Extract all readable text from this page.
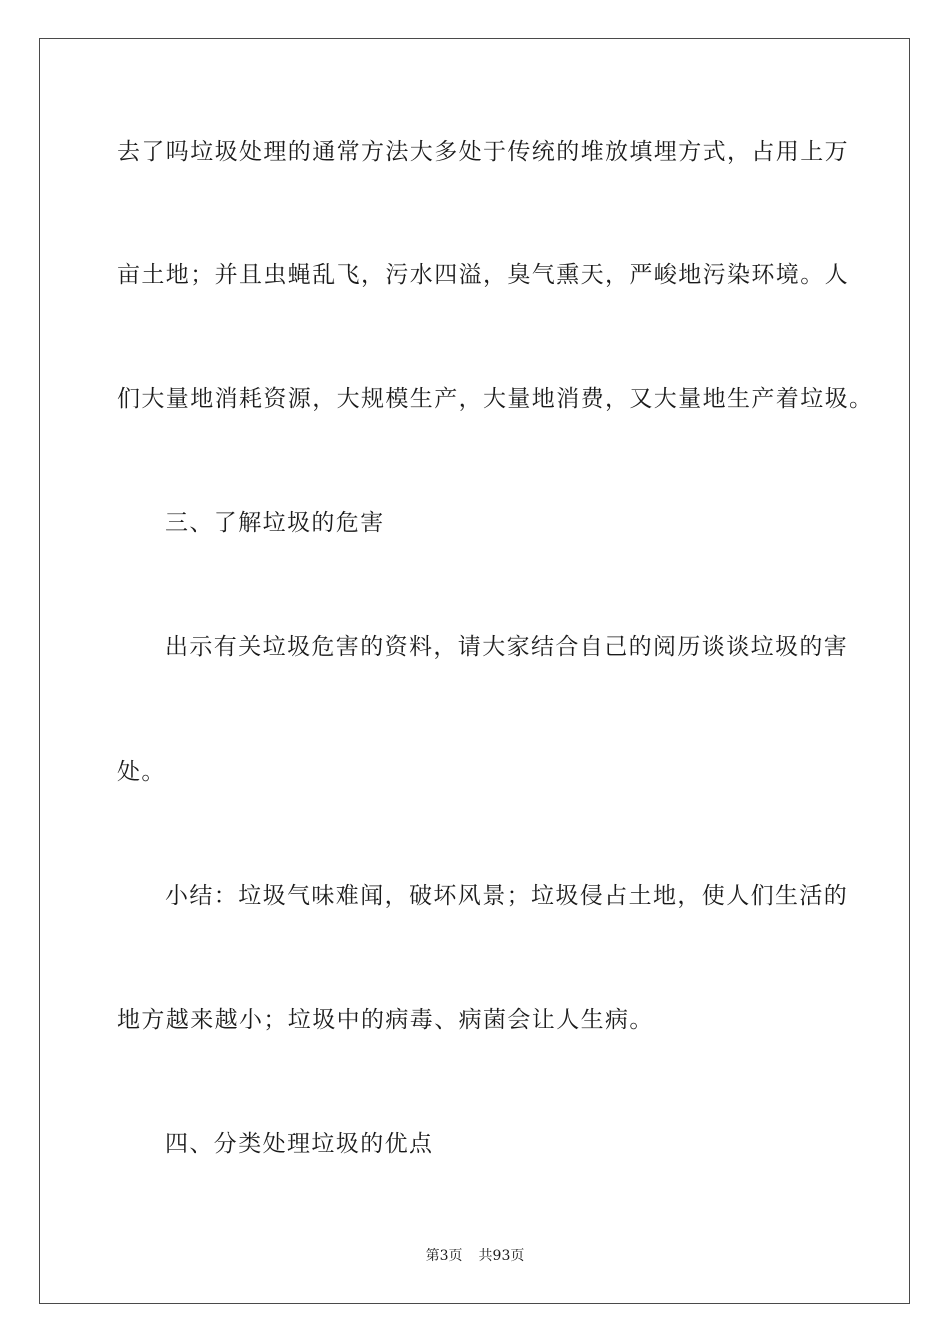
去了吗垃圾处理的通常方法大多处于传统的堆放填埋方式，占用上万
亩土地；并且虫蝇乱飞，污水四溢，臭气熏天，严峻地污染环境。人
们大量地消耗资源，大规模生产，大量地消费，又大量地生产着垃圾。
三、了解垃圾的危害
出示有关垃圾危害的资料，请大家结合自己的阅历谈谈垃圾的害
处。
小结：垃圾气味难闻，破坏风景；垃圾侵占土地，使人们生活的
地方越来越小；垃圾中的病毒、病菌会让人生病。
四、分类处理垃圾的优点
第3页 共93页
